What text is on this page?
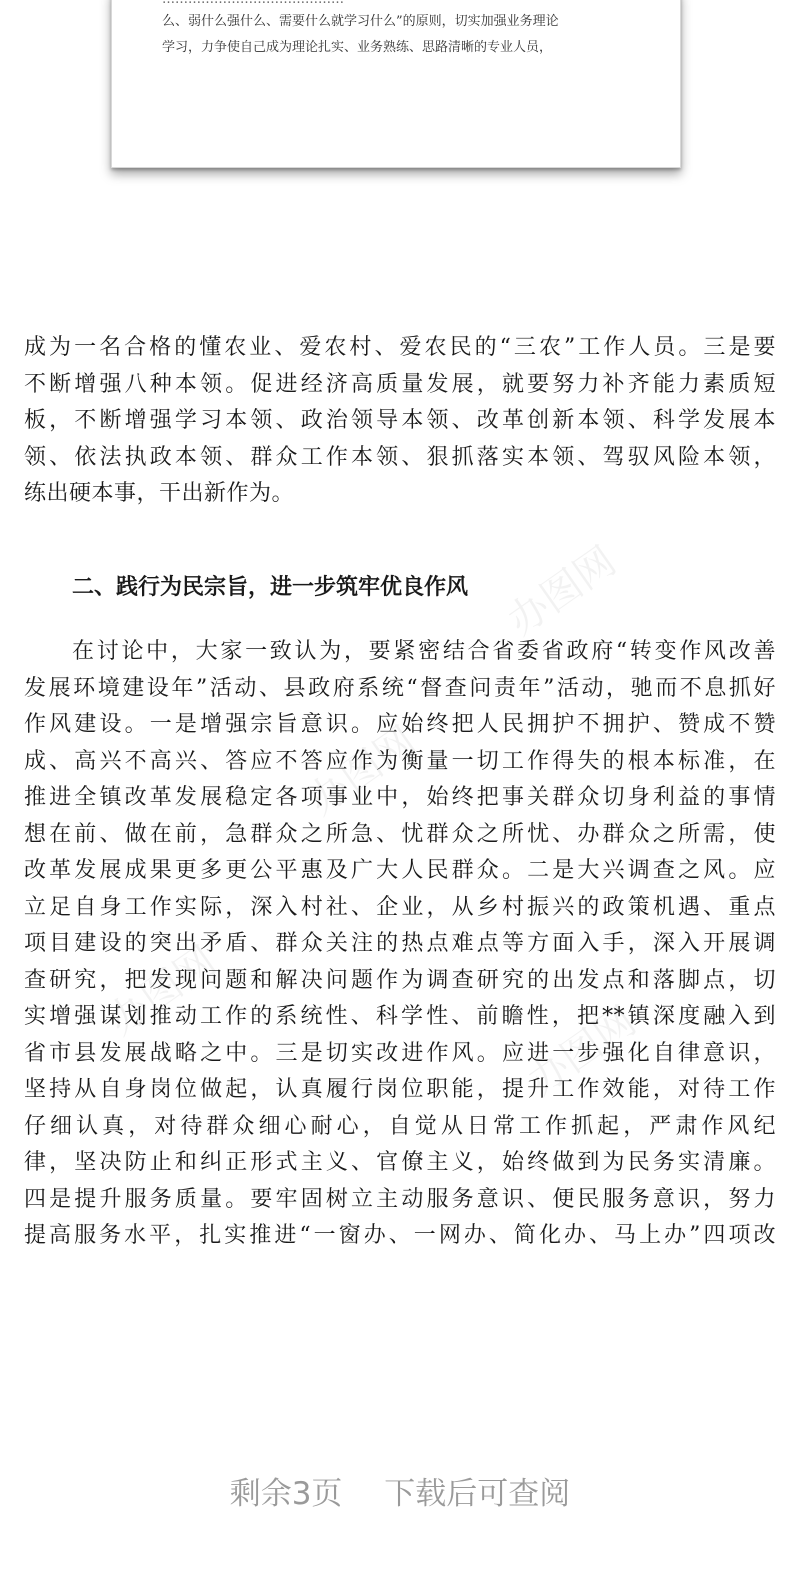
么、弱什么强什么、需要什么就学习什么”的原则，切实加强业务理论
学习，力争使自己成为理论扎实、业务熟练、思路清晰的专业人员，
办图网
办图网
办图网
办图网
成为一名合格的懂农业、爱农村、爱农民的“三农”工作人员。三是要
不断增强八种本领。促进经济高质量发展，就要努力补齐能力素质短
板，不断增强学习本领、政治领导本领、改革创新本领、科学发展本
领、依法执政本领、群众工作本领、狠抓落实本领、驾驭风险本领，
练出硬本事，干出新作为。
二、践行为民宗旨，进一步筑牢优良作风
在讨论中，大家一致认为，要紧密结合省委省政府“转变作风改善
发展环境建设年”活动、县政府系统“督查问责年”活动，驰而不息抓好
作风建设。一是增强宗旨意识。应始终把人民拥护不拥护、赞成不赞
成、高兴不高兴、答应不答应作为衡量一切工作得失的根本标准，在
推进全镇改革发展稳定各项事业中，始终把事关群众切身利益的事情
想在前、做在前，急群众之所急、忧群众之所忧、办群众之所需，使
改革发展成果更多更公平惠及广大人民群众。二是大兴调查之风。应
立足自身工作实际，深入村社、企业，从乡村振兴的政策机遇、重点
项目建设的突出矛盾、群众关注的热点难点等方面入手，深入开展调
查研究，把发现问题和解决问题作为调查研究的出发点和落脚点，切
实增强谋划推动工作的系统性、科学性、前瞻性，把**镇深度融入到
省市县发展战略之中。三是切实改进作风。应进一步强化自律意识，
坚持从自身岗位做起，认真履行岗位职能，提升工作效能，对待工作
仔细认真，对待群众细心耐心，自觉从日常工作抓起，严肃作风纪
律，坚决防止和纠正形式主义、官僚主义，始终做到为民务实清廉。
四是提升服务质量。要牢固树立主动服务意识、便民服务意识，努力
提高服务水平，扎实推进“一窗办、一网办、简化办、马上办”四项改
剩余3页 下载后可查阅
